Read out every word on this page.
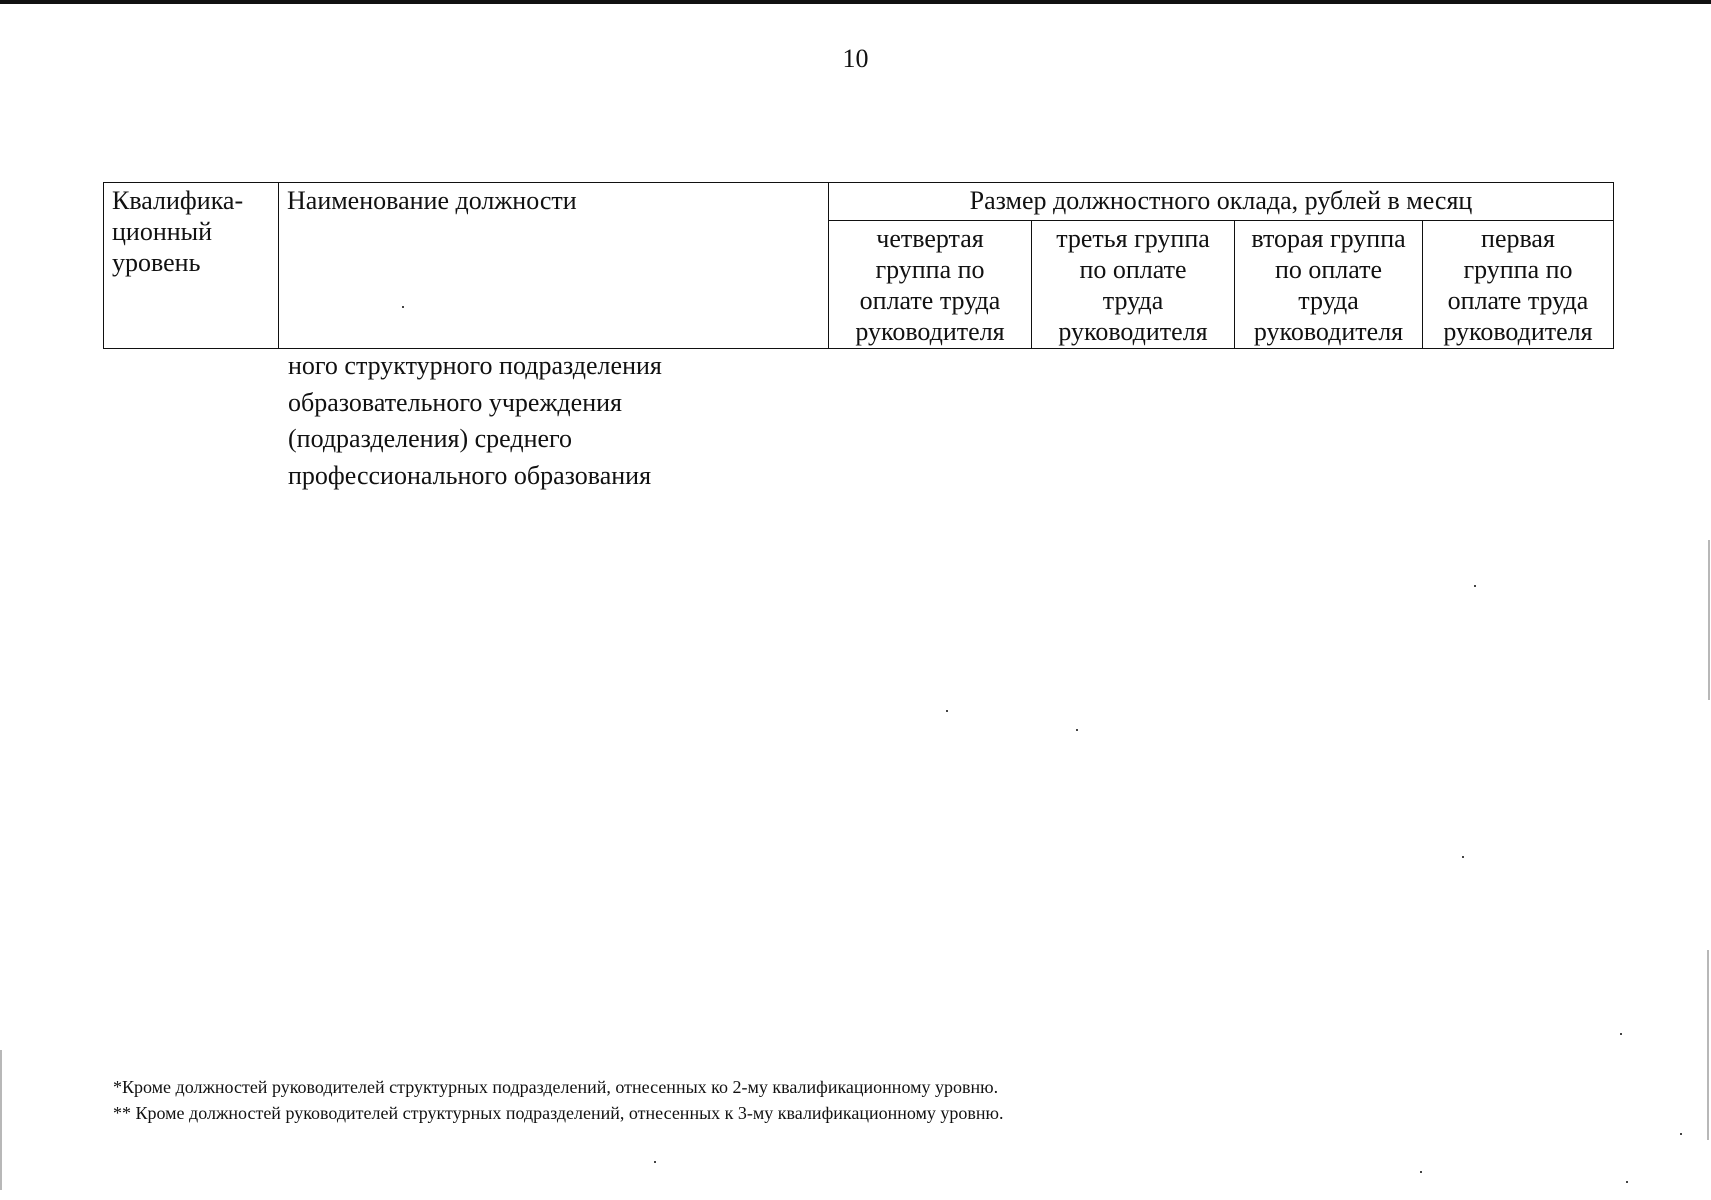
10
Квалифика-
ционный
уровень	Наименование должности	Размер должностного оклада, рублей в месяц			
		четвертая
группа по
оплате труда
руководителя	третья группа
по оплате
труда
руководителя	вторая группа
по оплате
труда
руководителя	первая
группа по
оплате труда
руководителя
ного структурного подразделения
образовательного учреждения
(подразделения) среднего
профессионального образования
*Кроме должностей руководителей структурных подразделений, отнесенных ко 2-му квалификационному уровню.
** Кроме должностей руководителей структурных подразделений, отнесенных к 3-му квалификационному уровню.
